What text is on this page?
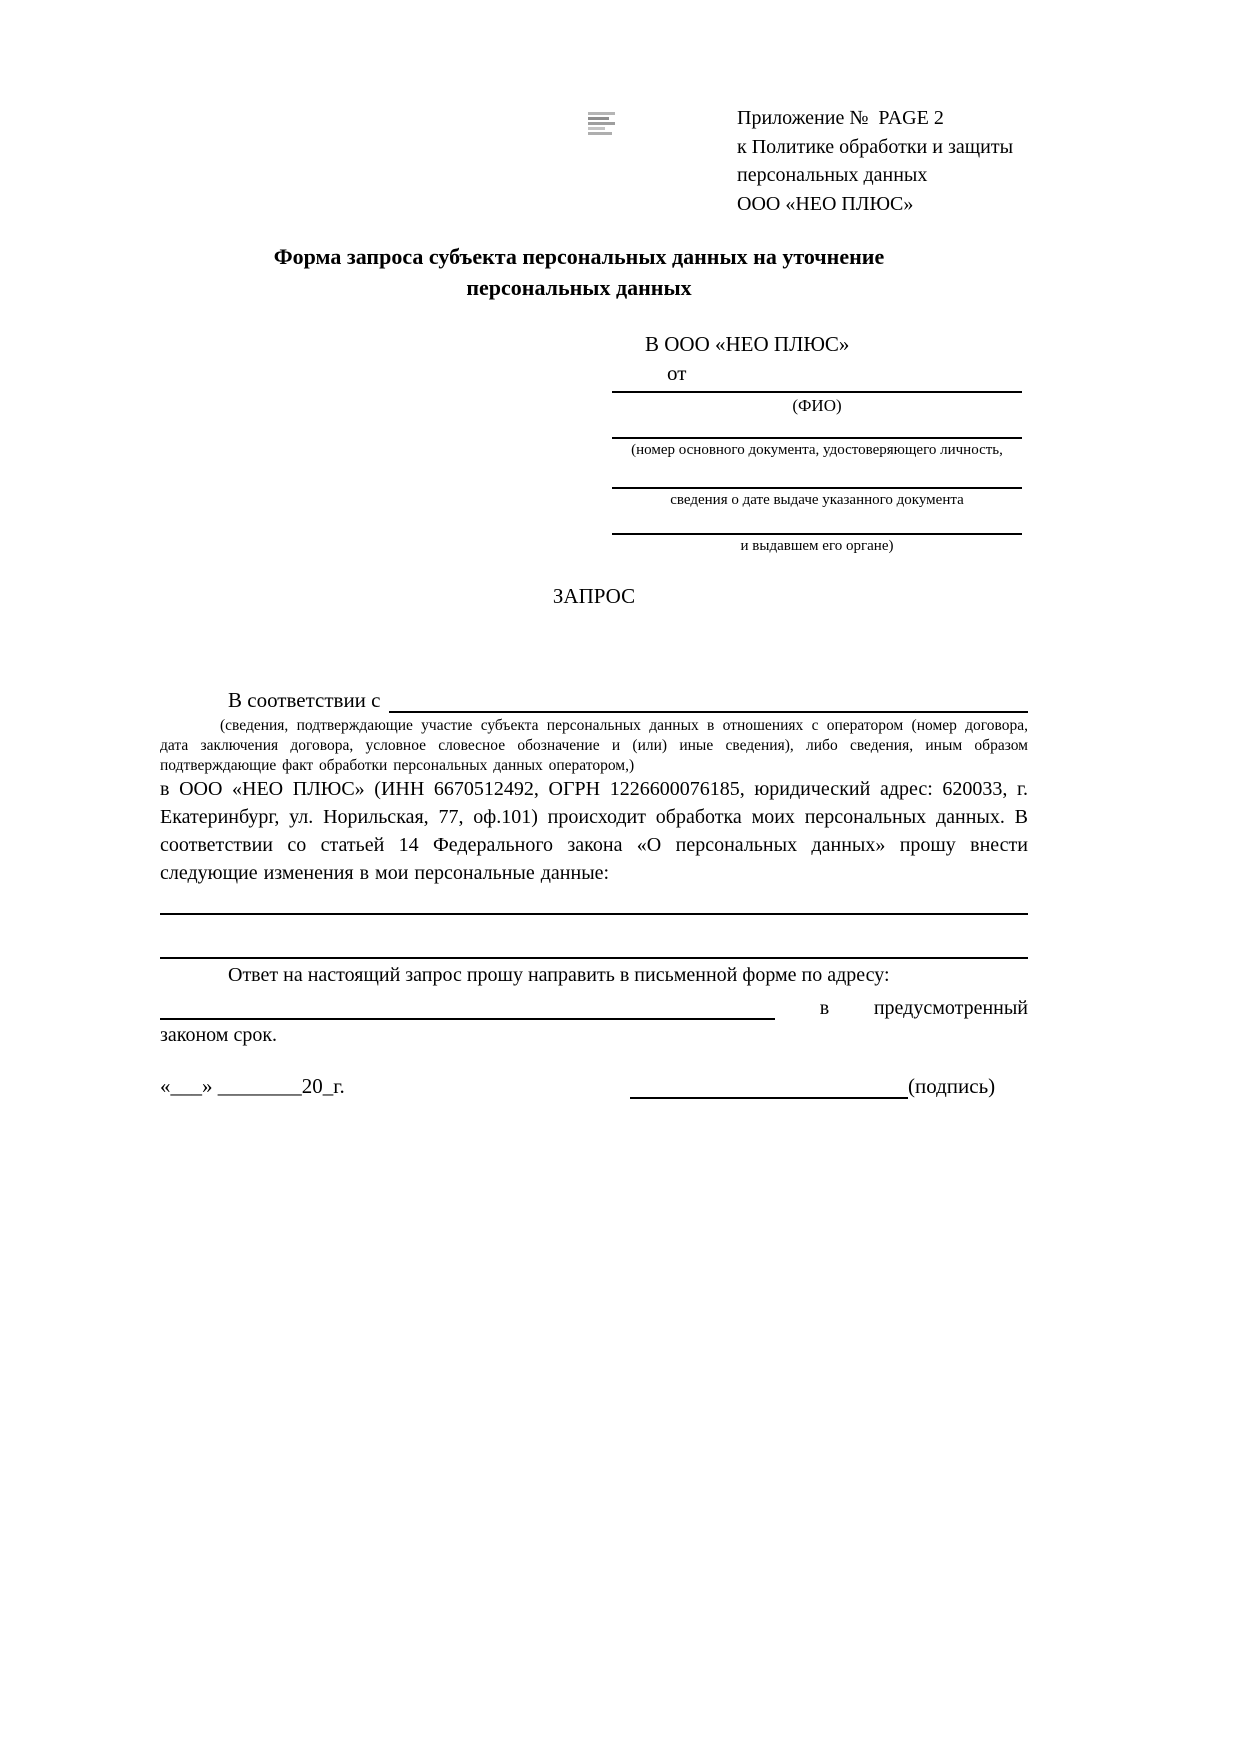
Приложение №  PAGE 2
к Политике обработки и защиты
персональных данных
ООО «НЕО ПЛЮС»
Форма запроса субъекта персональных данных на уточнение
персональных данных
В ООО «НЕО ПЛЮС»
от
(ФИО)
(номер основного документа, удостоверяющего личность,
сведения о дате выдаче указанного документа
и выдавшем его органе)
ЗАПРОС
В соответствии с
(сведения, подтверждающие участие субъекта персональных данных в отношениях с оператором (номер договора, дата заключения договора, условное словесное обозначение и (или) иные сведения), либо сведения, иным образом подтверждающие факт обработки персональных данных оператором,)
в ООО «НЕО ПЛЮС» (ИНН 6670512492, ОГРН 1226600076185, юридический адрес: 620033, г. Екатеринбург, ул. Норильская, 77, оф.101) происходит обработка моих персональных данных. В соответствии со статьей 14 Федерального закона «О персональных данных» прошу внести следующие изменения в мои персональные данные:
Ответ на настоящий запрос прошу направить в письменной форме по адресу:
в предусмотренный
законом срок.
«___» ________20_г.	(подпись)
